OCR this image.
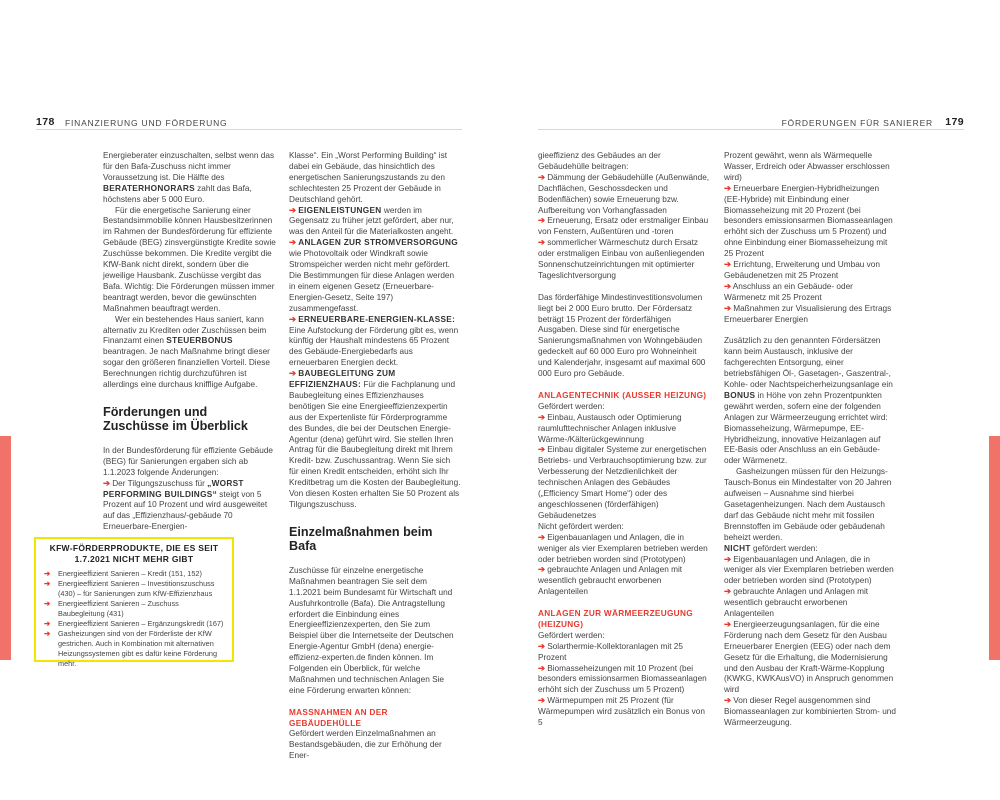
178 FINANZIERUNG UND FÖRDERUNG	FÖRDERUNGEN FÜR SANIERER 179

Energieberater einzuschalten, selbst wenn das für den Bafa-Zuschuss nicht immer Voraussetzung ist. Die Hälfte des BERATERHONORARS zahlt das Bafa, höchstens aber 5 000 Euro.

Für die energetische Sanierung einer Bestandsimmobilie können Hausbesitzerinnen im Rahmen der Bundesförderung für effiziente Gebäude (BEG) zinsvergünstigte Kredite sowie Zuschüsse bekommen. Die Kredite vergibt die KfW-Bank nicht direkt, sondern über die jeweilige Hausbank. Zuschüsse vergibt das Bafa. Wichtig: Die Förderungen müssen immer beantragt werden, bevor die gewünschten Maßnahmen beauftragt werden.

Wer ein bestehendes Haus saniert, kann alternativ zu Krediten oder Zuschüssen beim Finanzamt einen STEUERBONUS beantragen. Je nach Maßnahme bringt dieser sogar den größeren finanziellen Vorteil. Diese Berechnungen richtig durchzuführen ist allerdings eine durchaus knifflige Aufgabe.

Förderungen und Zuschüsse im Überblick

In der Bundesförderung für effiziente Gebäude (BEG) für Sanierungen ergaben sich ab 1.1.2023 folgende Änderungen:

➔ Der Tilgungszuschuss für „WORST PERFORMING BUILDINGS“ steigt von 5 Prozent auf 10 Prozent und wird ausgeweitet auf das „Effizienzhaus/-gebäude 70 Erneuerbare-Energien-

KFW-FÖRDERPRODUKTE, DIE ES SEIT 1.7.2021 NICHT MEHR GIBT
➔ Energieeffizient Sanieren – Kredit (151, 152)
➔ Energieeffizient Sanieren – Investitionszuschuss (430) – für Sanierungen zum KfW-Effizienzhaus
➔ Energieeffizient Sanieren – Zuschuss Baubegleitung (431)
➔ Energieeffizient Sanieren – Ergänzungskredit (167)
➔ Gasheizungen sind von der Förderliste der KfW gestrichen. Auch in Kombination mit alternativen Heizungssystemen gibt es dafür keine Förderung mehr.

Klasse“. Ein „Worst Performing Building“ ist dabei ein Gebäude, das hinsichtlich des energetischen Sanierungszustands zu den schlechtesten 25 Prozent der Gebäude in Deutschland gehört.

➔ EIGENLEISTUNGEN werden im Gegensatz zu früher jetzt gefördert, aber nur, was den Anteil für die Materialkosten angeht.

➔ ANLAGEN ZUR STROMVERSORGUNG wie Photovoltaik oder Windkraft sowie Stromspeicher werden nicht mehr gefördert. Die Bestimmungen für diese Anlagen werden in einem eigenen Gesetz (Erneuerbare-Energien-Gesetz, Seite 197) zusammengefasst.

➔ ERNEUERBARE-ENERGIEN-KLASSE: Eine Aufstockung der Förderung gibt es, wenn künftig der Haushalt mindestens 65 Prozent des Gebäude-Energiebedarfs aus erneuerbaren Energien deckt.

➔ BAUBEGLEITUNG ZUM EFFIZIENZHAUS: Für die Fachplanung und Baubegleitung eines Effizienzhauses benötigen Sie eine Energieeffizienzexpertin aus der Expertenliste für Förderprogramme des Bundes, die bei der Deutschen Energie-Agentur (dena) geführt wird. Sie stellen Ihren Antrag für die Baubegleitung direkt mit Ihrem Kredit- bzw. Zuschussantrag. Wenn Sie sich für einen Kredit entscheiden, erhöht sich Ihr Kreditbetrag um die Kosten der Baubegleitung. Von diesen Kosten erhalten Sie 50 Prozent als Tilgungszuschuss.

Einzelmaßnahmen beim Bafa

Zuschüsse für einzelne energetische Maßnahmen beantragen Sie seit dem 1.1.2021 beim Bundesamt für Wirtschaft und Ausfuhrkontrolle (Bafa). Die Antragstellung erfordert die Einbindung eines Energieeffizienzexperten, den Sie zum Beispiel über die Internetseite der Deutschen Energie-Agentur GmbH (dena) energie-effizienz-experten.de finden können. Im Folgenden ein Überblick, für welche Maßnahmen und technischen Anlagen Sie eine Förderung erwarten können:

MASSNAHMEN AN DER GEBÄUDEHÜLLE

Gefördert werden Einzelmaßnahmen an Bestandsgebäuden, die zur Erhöhung der Ener-

gieeffizienz des Gebäudes an der Gebäudehülle beitragen:

➔ Dämmung der Gebäudehülle (Außenwände, Dachflächen, Geschossdecken und Bodenflächen) sowie Erneuerung bzw. Aufbereitung von Vorhangfassaden

➔ Erneuerung, Ersatz oder erstmaliger Einbau von Fenstern, Außentüren und -toren

➔ sommerlicher Wärmeschutz durch Ersatz oder erstmaligen Einbau von außenliegenden Sonnenschutzeinrichtungen mit optimierter Tageslichtversorgung

Das förderfähige Mindestinvestitionsvolumen liegt bei 2 000 Euro brutto. Der Fördersatz beträgt 15 Prozent der förderfähigen Ausgaben. Diese sind für energetische Sanierungsmaßnahmen von Wohngebäuden gedeckelt auf 60 000 Euro pro Wohneinheit und Kalenderjahr, insgesamt auf maximal 600 000 Euro pro Gebäude.

ANLAGENTECHNIK (AUSSER HEIZUNG)

Gefördert werden:

➔ Einbau, Austausch oder Optimierung raumlufttechnischer Anlagen inklusive Wärme-/Kälterückgewinnung

➔ Einbau digitaler Systeme zur energetischen Betriebs- und Verbrauchsoptimierung bzw. zur Verbesserung der Netzdienlichkeit der technischen Anlagen des Gebäudes („Efficiency Smart Home“) oder des angeschlossenen (förderfähigen) Gebäudenetzes

Nicht gefördert werden:

➔ Eigenbauanlagen und Anlagen, die in weniger als vier Exemplaren betrieben werden oder betrieben worden sind (Prototypen)

➔ gebrauchte Anlagen und Anlagen mit wesentlich gebraucht erworbenen Anlagenteilen

ANLAGEN ZUR WÄRMEERZEUGUNG (HEIZUNG)

Gefördert werden:

➔ Solarthermie-Kollektoranlagen mit 25 Prozent

➔ Biomasseheizungen mit 10 Prozent (bei besonders emissionsarmen Biomasseanlagen erhöht sich der Zuschuss um 5 Prozent)

➔ Wärmepumpen mit 25 Prozent (für Wärmepumpen wird zusätzlich ein Bonus von 5

Prozent gewährt, wenn als Wärmequelle Wasser, Erdreich oder Abwasser erschlossen wird)

➔ Erneuerbare Energien-Hybridheizungen (EE-Hybride) mit Einbindung einer Biomasseheizung mit 20 Prozent (bei besonders emissionsarmen Biomasseanlagen erhöht sich der Zuschuss um 5 Prozent) und ohne Einbindung einer Biomasseheizung mit 25 Prozent

➔ Errichtung, Erweiterung und Umbau von Gebäudenetzen mit 25 Prozent

➔ Anschluss an ein Gebäude- oder Wärmenetz mit 25 Prozent

➔ Maßnahmen zur Visualisierung des Ertrags Erneuerbarer Energien

Zusätzlich zu den genannten Fördersätzen kann beim Austausch, inklusive der fachgerechten Entsorgung, einer betriebsfähigen Öl-, Gasetagen-, Gaszentral-, Kohle- oder Nachtspeicherheizungsanlage ein BONUS in Höhe von zehn Prozentpunkten gewährt werden, sofern eine der folgenden Anlagen zur Wärmeerzeugung errichtet wird: Biomasseheizung, Wärmepumpe, EE-Hybridheizung, innovative Heizanlagen auf EE-Basis oder Anschluss an ein Gebäude- oder Wärmenetz.

Gasheizungen müssen für den Heizungs-Tausch-Bonus ein Mindestalter von 20 Jahren aufweisen – Ausnahme sind hierbei Gasetagenheizungen. Nach dem Austausch darf das Gebäude nicht mehr mit fossilen Brennstoffen im Gebäude oder gebäudenah beheizt werden.

NICHT gefördert werden:

➔ Eigenbauanlagen und Anlagen, die in weniger als vier Exemplaren betrieben werden oder betrieben worden sind (Prototypen)

➔ gebrauchte Anlagen und Anlagen mit wesentlich gebraucht erworbenen Anlagenteilen

➔ Energieerzeugungsanlagen, für die eine Förderung nach dem Gesetz für den Ausbau Erneuerbarer Energien (EEG) oder nach dem Gesetz für die Erhaltung, die Modernisierung und den Ausbau der Kraft-Wärme-Kopplung (KWKG, KWKAusVO) in Anspruch genommen wird

➔ Von dieser Regel ausgenommen sind Biomasseanlagen zur kombinierten Strom- und Wärmeerzeugung.
